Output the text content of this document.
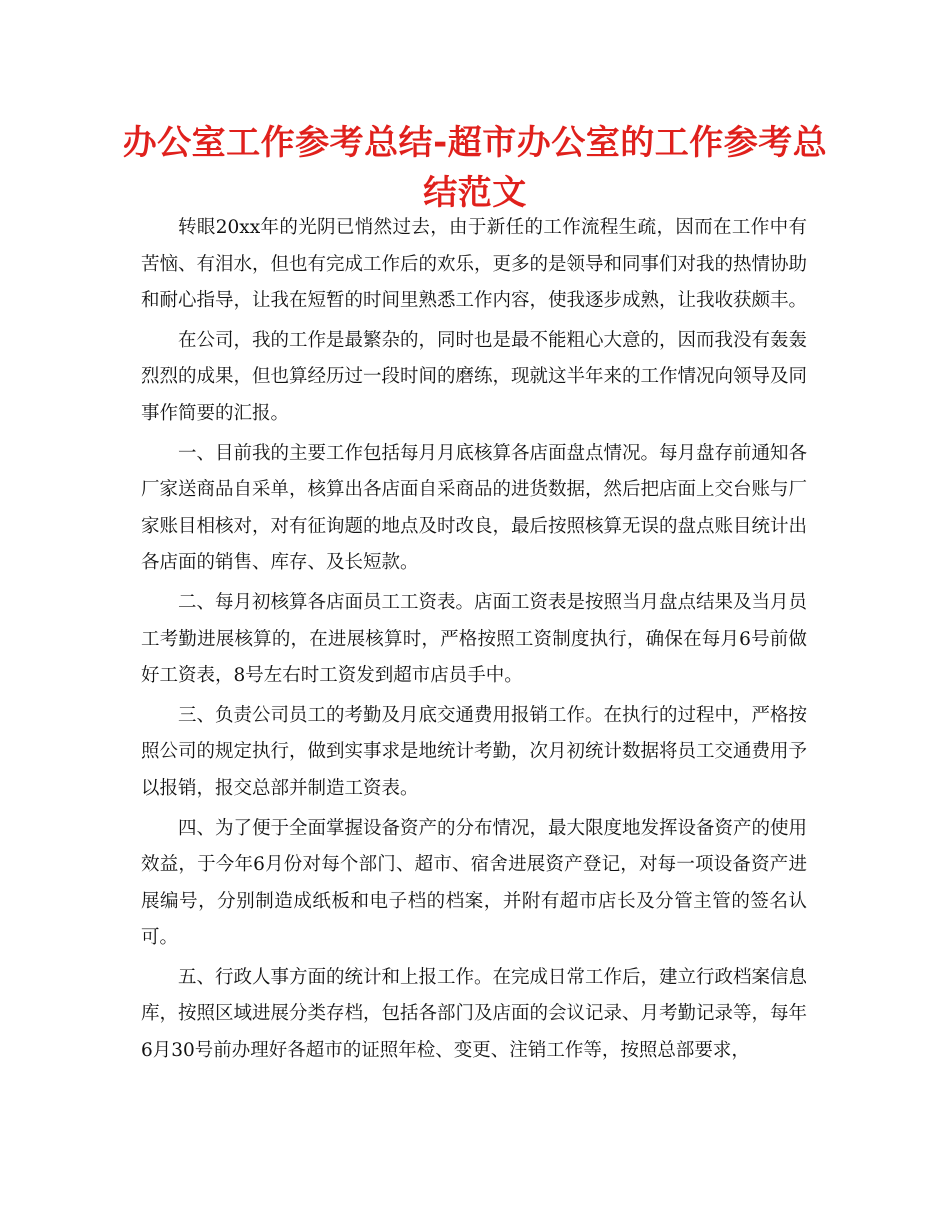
办公室工作参考总结-超市办公室的工作参考总结范文

转眼20xx年的光阴已悄然过去，由于新任的工作流程生疏，因而在工作中有苦恼、有泪水，但也有完成工作后的欢乐，更多的是领导和同事们对我的热情协助和耐心指导，让我在短暂的时间里熟悉工作内容，使我逐步成熟，让我收获颇丰。

在公司，我的工作是最繁杂的，同时也是最不能粗心大意的，因而我没有轰轰烈烈的成果，但也算经历过一段时间的磨练，现就这半年来的工作情况向领导及同事作简要的汇报。

一、目前我的主要工作包括每月月底核算各店面盘点情况。每月盘存前通知各厂家送商品自采单，核算出各店面自采商品的进货数据，然后把店面上交台账与厂家账目相核对，对有征询题的地点及时改良，最后按照核算无误的盘点账目统计出各店面的销售、库存、及长短款。

二、每月初核算各店面员工工资表。店面工资表是按照当月盘点结果及当月员工考勤进展核算的，在进展核算时，严格按照工资制度执行，确保在每月6号前做好工资表，8号左右时工资发到超市店员手中。

三、负责公司员工的考勤及月底交通费用报销工作。在执行的过程中，严格按照公司的规定执行，做到实事求是地统计考勤，次月初统计数据将员工交通费用予以报销，报交总部并制造工资表。

四、为了便于全面掌握设备资产的分布情况，最大限度地发挥设备资产的使用效益，于今年6月份对每个部门、超市、宿舍进展资产登记，对每一项设备资产进展编号，分别制造成纸板和电子档的档案，并附有超市店长及分管主管的签名认可。

五、行政人事方面的统计和上报工作。在完成日常工作后，建立行政档案信息库，按照区域进展分类存档，包括各部门及店面的会议记录、月考勤记录等，每年6月30号前办理好各超市的证照年检、变更、注销工作等，按照总部要求，
